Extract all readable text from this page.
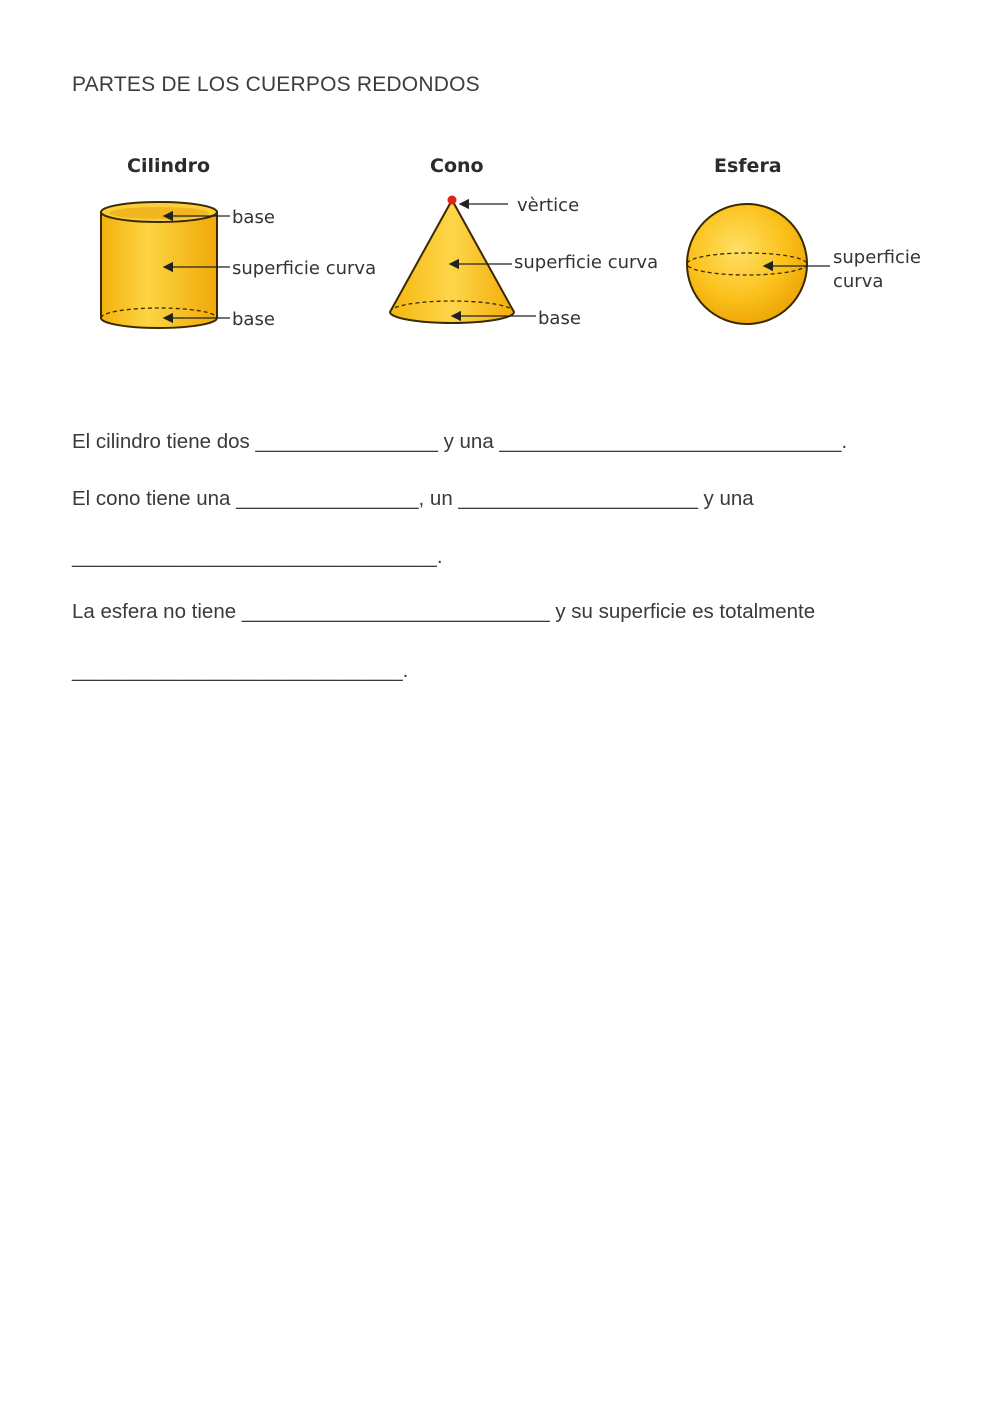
PARTES DE LOS CUERPOS REDONDOS
Cilindro
base
superficie curva
base
Cono
vèrtice
superficie curva
base
Esfera
superficie
curva
El cilindro tiene dos ________________ y una ______________________________.
El cono tiene una ________________, un _____________________ y una
________________________________.
La esfera no tiene ___________________________ y su superficie es totalmente
_____________________________.
